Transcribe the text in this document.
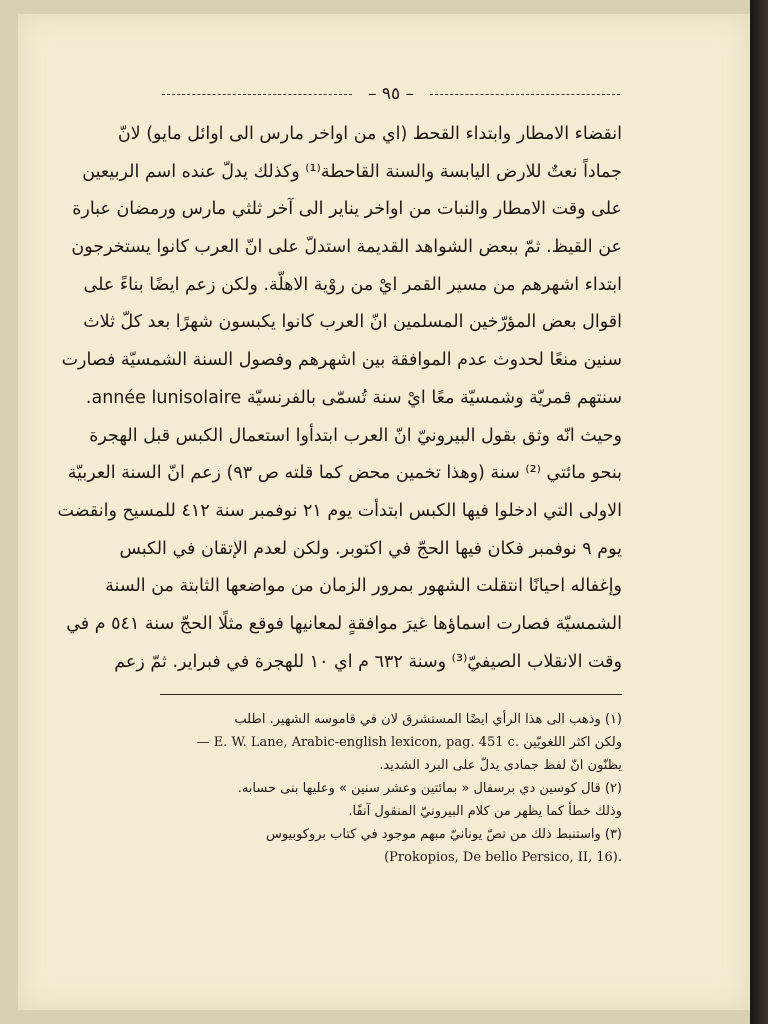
– ٩٥ –
انقضاء الامطار وابتداء القحط (اي من اواخر مارس الى اوائل مايو) لانّ
جماداً نعتٌ للارض اليابسة والسنة القاحطة⁽¹⁾ وكذلك يدلّ عنده اسم الربيعين
على وقت الامطار والنبات من اواخر يناير الى آخر ثلثي مارس ورمضان عبارة
عن القيظ. ثمّ ببعض الشواهد القديمة استدلّ على انّ العرب كانوا يستخرجون
ابتداء اشهرهم من مسير القمر ايْ من روْية الاهلّة. ولكن زعم ايضًا بناءً على
اقوال بعض المؤرّخين المسلمين انّ العرب كانوا يكبسون شهرًا بعد كلّ ثلاث
سنين منعًا لحدوث عدم الموافقة بين اشهرهم وفصول السنة الشمسيّة فصارت
سنتهم قمريّة وشمسيّة معًا ايْ سنة تُسمّى بالفرنسيّة année lunisolaire.
وحيث انّه وثق بقول البيرونيّ انّ العرب ابتدأوا استعمال الكبس قبل الهجرة
بنحو مائتي ⁽²⁾ سنة (وهذا تخمين محض كما قلته ص ٩٣) زعم انّ السنة العربيّة
الاولى التي ادخلوا فيها الكبس ابتدأت يوم ٢١ نوفمبر سنة ٤١٢ للمسيح وانقضت
يوم ٩ نوفمبر فكان فيها الحجّ في اكتوبر. ولكن لعدم الإتقان في الكبس
وإغفاله احيانًا انتقلت الشهور بمرور الزمان من مواضعها الثابتة من السنة
الشمسيّة فصارت اسماؤها غيرَ موافقةٍ لمعانيها فوقع مثلًا الحجّ سنة ٥٤١ م في
وقت الانقلاب الصيفيّ⁽³⁾ وسنة ٦٣٢ م اي ١٠ للهجرة في فبراير. ثمّ زعم
(١) وذهب الى هذا الرأي ايضًا المستشرق لان في قاموسه الشهير. اطلب
ولكن اكثر اللغويّين — E. W. Lane, Arabic-english lexicon, pag. 451 c.
يظنّون انّ لفظ جمادى يدلّ على البرد الشديد.
(٢) قال كوسين دي برسفال « بمائتين وعشر سنين » وعليها بنى حسابه.
وذلك خطأ كما يظهر من كلام البيرونيّ المنقول آنفًا.
(٣) واستنبط ذلك من نصّ يونانيّ مبهم موجود في كتاب بروكوبيوس
(Prokopios, De bello Persico, II, 16).
